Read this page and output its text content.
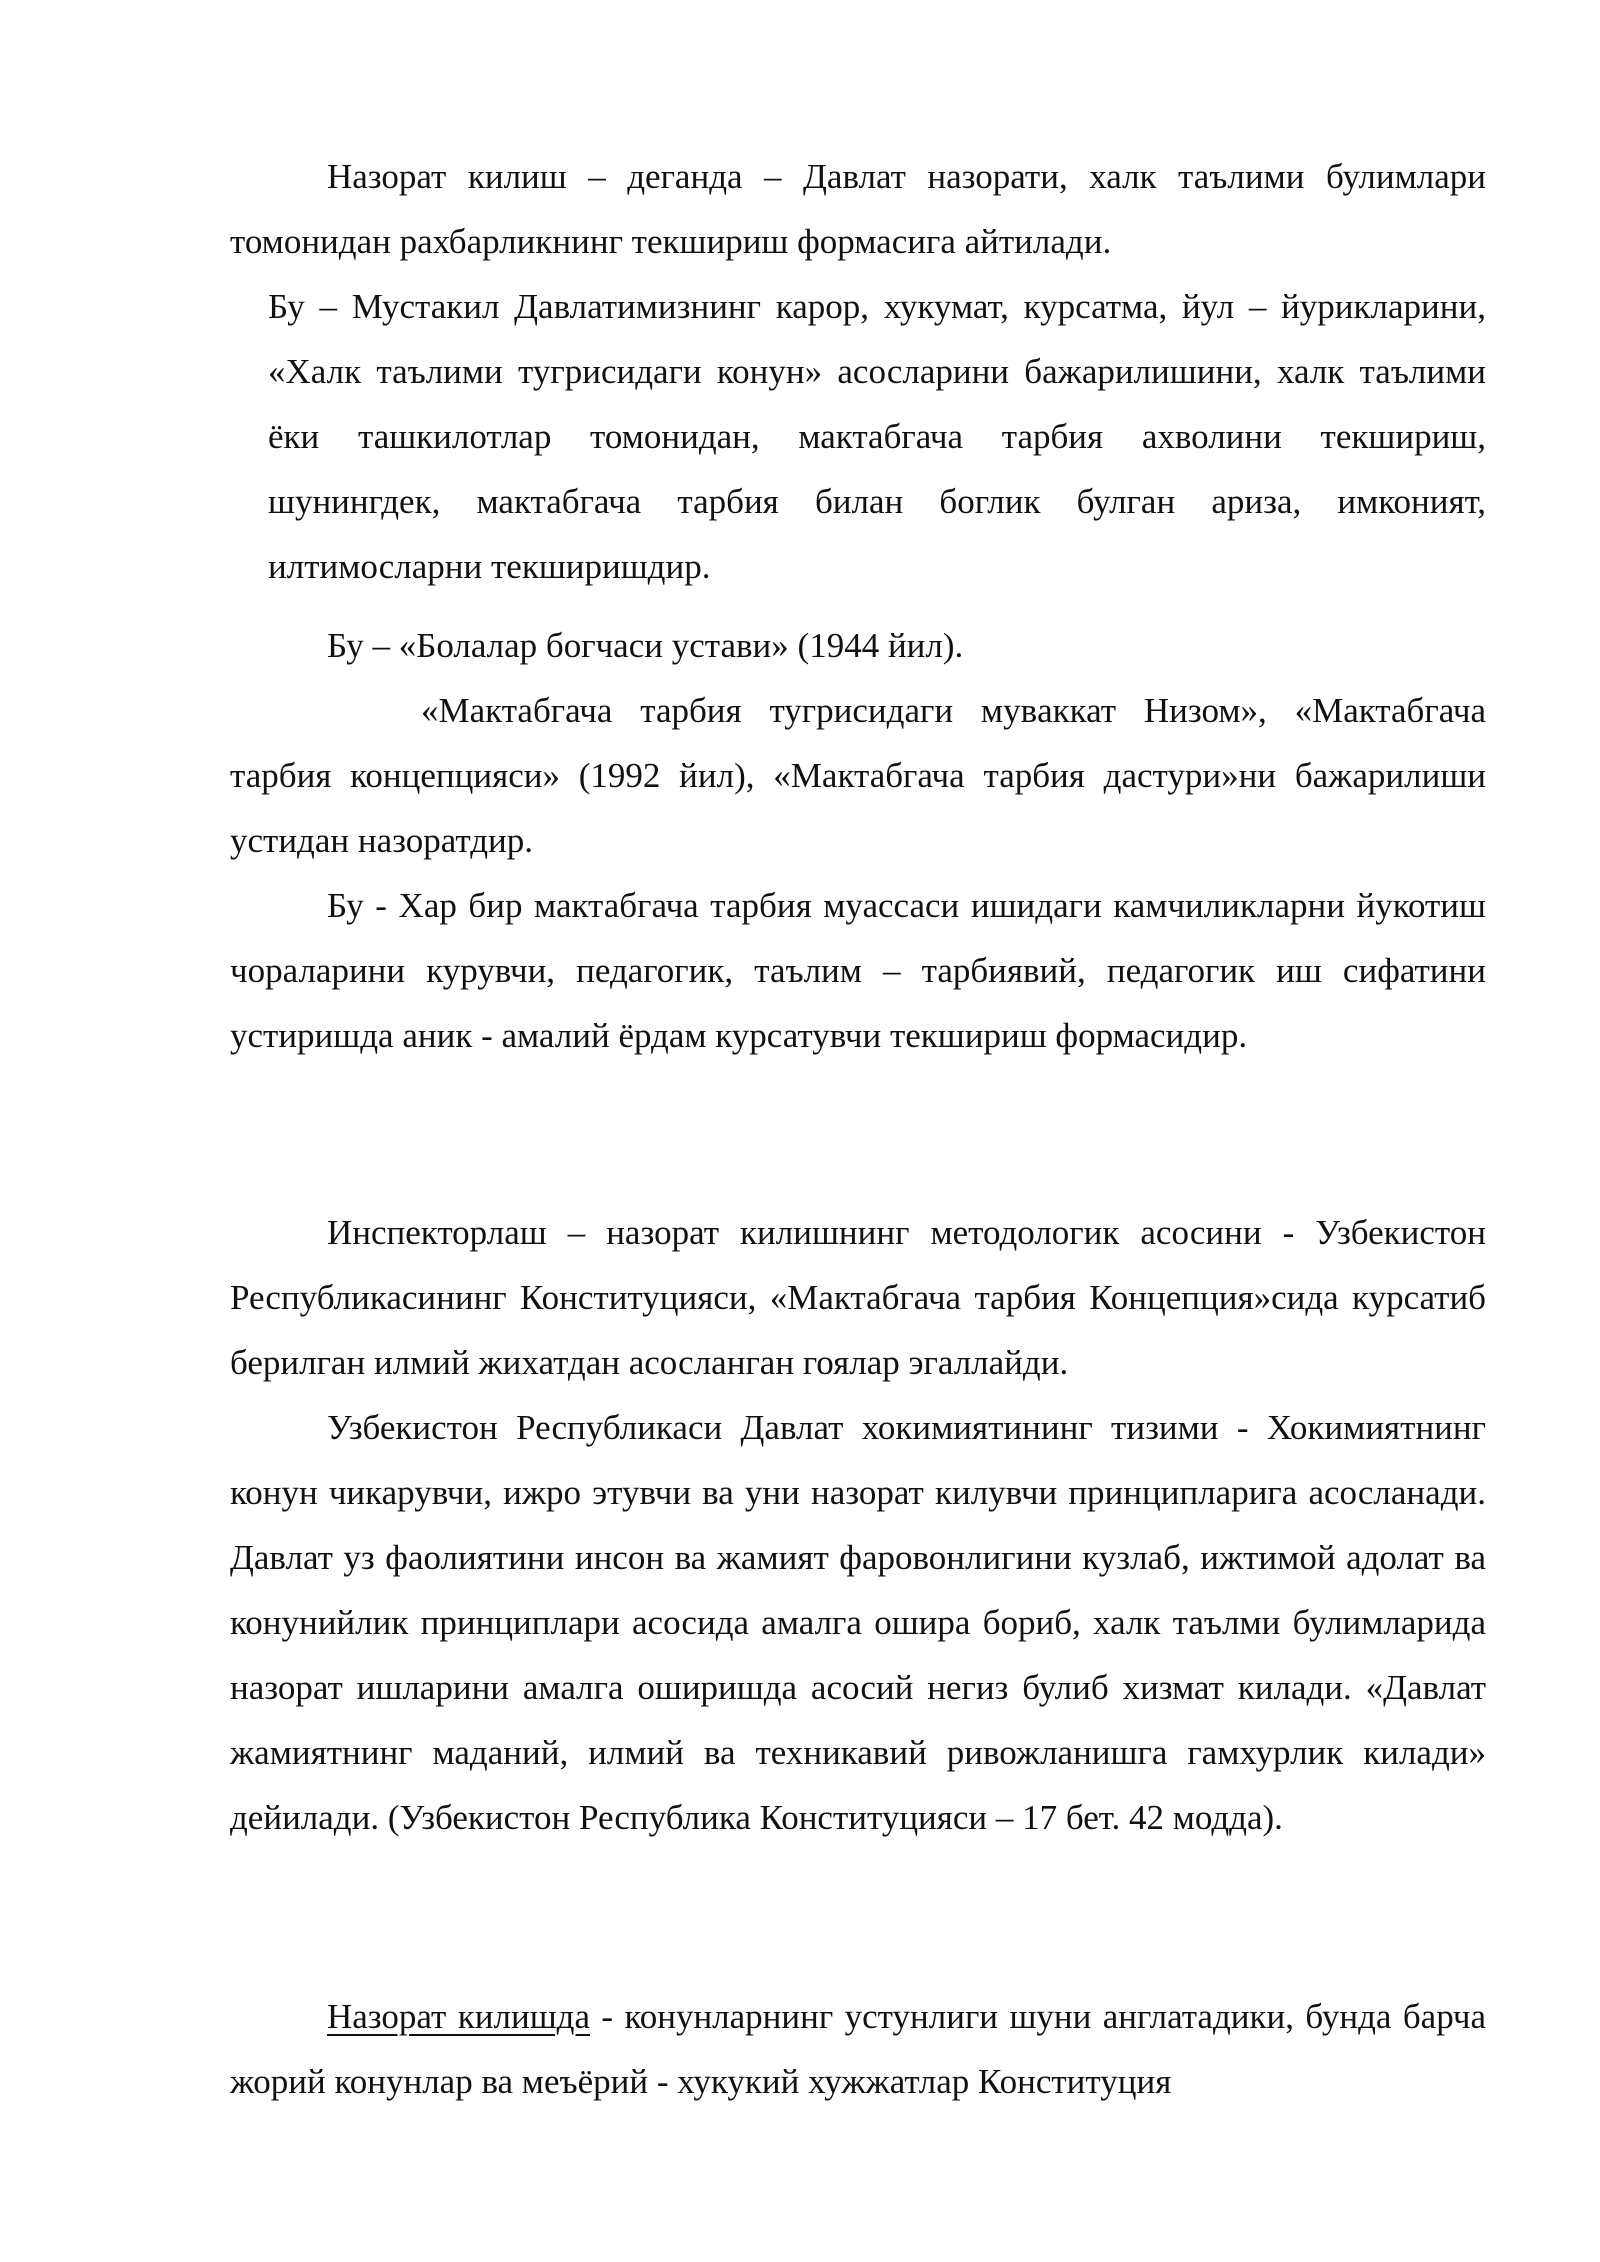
Назорат килиш – деганда – Давлат назорати, халк таълими булимлари томонидан рахбарликнинг текшириш формасига айтилади.

Бу – Мустакил Давлатимизнинг карор, хукумат, курсатма, йул – йурикларини, «Халк таълими тугрисидаги конун» асосларини бажарилишини, халк таълими ёки ташкилотлар томонидан, мактабгача тарбия ахволини текшириш, шунингдек, мактабгача тарбия билан боглик булган ариза, имконият, илтимосларни текширишдир.

Бу – «Болалар богчаси устави» (1944 йил).

«Мактабгача тарбия тугрисидаги мувaккат Низом», «Мактабгача тарбия концепцияси» (1992 йил), «Мактабгача тарбия дастури»ни бажарилиши устидан назоратдир.

Бу - Хар бир мактабгача тарбия муассаси ишидаги камчиликларни йукотиш чораларини курувчи, педагогик, таълим – тарбиявий, педагогик иш сифатини устиришда аник - амалий ёрдам курсатувчи текшириш формасидир.

Инспекторлаш – назорат килишнинг методологик асосини - Узбекистон Республикасининг Конституцияси, «Мактабгача тарбия Концепция»сида курсатиб берилган илмий жихатдан асосланган гоялар эгаллайди.

Узбекистон Республикаси Давлат хокимиятининг тизими - Хокимиятнинг конун чикарувчи, ижро этувчи ва уни назорат килувчи принципларига асосланади. Давлат уз фаолиятини инсон ва жамият фаровонлигини кузлаб, ижтимой адолат ва конунийлик принциплари асосида амалга ошира бориб, халк таълми булимларида назорат ишларини амалга оширишда асосий негиз булиб хизмат килади. «Давлат жамиятнинг маданий, илмий ва техникавий ривожланишга гамхурлик килади» дейилади. (Узбекистон Республика Конституцияси – 17 бет. 42 модда).

Назорат килишда - конунларнинг устунлиги шуни англатадики, бунда барча жорий конунлар ва меъёрий - хукукий хужжатлар Конституция
